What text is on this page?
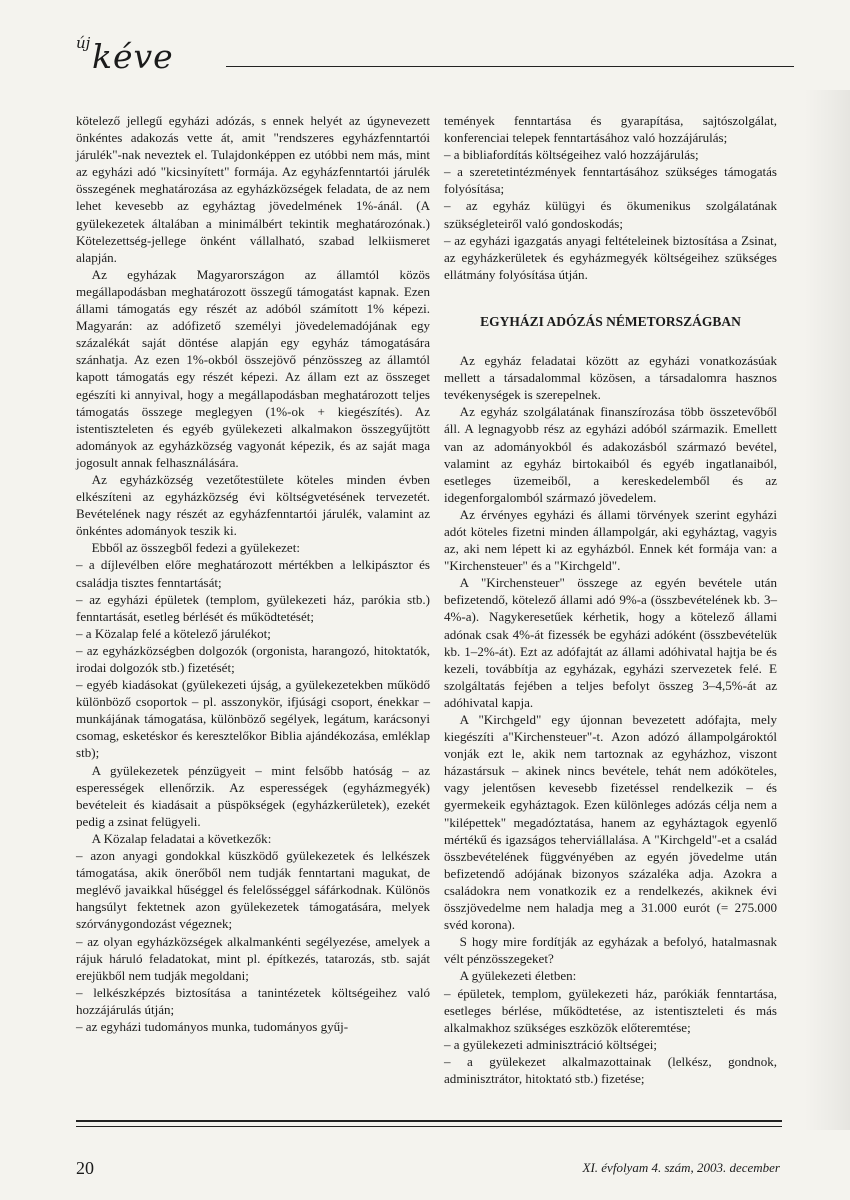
új kéve

kötelező jellegű egyházi adózás, s ennek helyét az úgynevezett önkéntes adakozás vette át, amit "rendszeres egyházfenntartói járulék"-nak neveztek el. Tulajdonképpen ez utóbbi nem más, mint az egyházi adó "kicsinyített" formája. Az egyházfenntartói járulék összegének meghatározása az egyházközségek feladata, de az nem lehet kevesebb az egyháztag jövedelmének 1%-ánál. (A gyülekezetek általában a minimálbért tekintik meghatározónak.) Kötelezettség-jellege önként vállalható, szabad lelkiismeret alapján.

Az egyházak Magyarországon az államtól közös megállapodásban meghatározott összegű támogatást kapnak. Ezen állami támogatás egy részét az adóból számított 1% képezi. Magyarán: az adófizető személyi jövedelemadójának egy százalékát saját döntése alapján egy egyház támogatására szánhatja. Az ezen 1%-okból összejövő pénzösszeg az államtól kapott támogatás egy részét képezi. Az állam ezt az összeget egészíti ki annyival, hogy a megállapodásban meghatározott teljes támogatás összege meglegyen (1%-ok + kiegészítés). Az istentiszteleten és egyéb gyülekezeti alkalmakon összegyűjtött adományok az egyházközség vagyonát képezik, és az saját maga jogosult annak felhasználására.

Az egyházközség vezetőtestülete köteles minden évben elkészíteni az egyházközség évi költségvetésének tervezetét. Bevételének nagy részét az egyházfenntartói járulék, valamint az önkéntes adományok teszik ki.

Ebből az összegből fedezi a gyülekezet:

– a díjlevélben előre meghatározott mértékben a lelkipásztor és családja tisztes fenntartását;

– az egyházi épületek (templom, gyülekezeti ház, parókia stb.) fenntartását, esetleg bérlését és működtetését;

– a Közalap felé a kötelező járulékot;

– az egyházközségben dolgozók (orgonista, harangozó, hitoktatók, irodai dolgozók stb.) fizetését;

– egyéb kiadásokat (gyülekezeti újság, a gyülekezetekben működő különböző csoportok – pl. asszonykör, ifjúsági csoport, énekkar – munkájának támogatása, különböző segélyek, legátum, karácsonyi csomag, esketéskor és keresztelőkor Biblia ajándékozása, emléklap stb);

A gyülekezetek pénzügyeit – mint felsőbb hatóság – az esperességek ellenőrzik. Az esperességek (egyházmegyék) bevételeit és kiadásait a püspökségek (egyházkerületek), ezekét pedig a zsinat felügyeli.

A Közalap feladatai a következők:

– azon anyagi gondokkal küszködő gyülekezetek és lelkészek támogatása, akik önerőből nem tudják fenntartani magukat, de meglévő javaikkal hűséggel és felelősséggel sáfárkodnak. Különös hangsúlyt fektetnek azon gyülekezetek támogatására, melyek szórványgondozást végeznek;

– az olyan egyházközségek alkalmankénti segélyezése, amelyek a rájuk háruló feladatokat, mint pl. építkezés, tatarozás, stb. saját erejükből nem tudják megoldani;

– lelkészképzés biztosítása a tanintézetek költségeihez való hozzájárulás útján;

– az egyházi tudományos munka, tudományos gyűj-

temények fenntartása és gyarapítása, sajtószolgálat, konferenciai telepek fenntartásához való hozzájárulás;

– a bibliafordítás költségeihez való hozzájárulás;

– a szeretetintézmények fenntartásához szükséges támogatás folyósítása;

– az egyház külügyi és ökumenikus szolgálatának szükségleteiről való gondoskodás;

– az egyházi igazgatás anyagi feltételeinek biztosítása a Zsinat, az egyházkerületek és egyházmegyék költségeihez szükséges ellátmány folyósítása útján.

EGYHÁZI ADÓZÁS NÉMETORSZÁGBAN

Az egyház feladatai között az egyházi vonatkozásúak mellett a társadalommal közösen, a társadalomra hasznos tevékenységek is szerepelnek.

Az egyház szolgálatának finanszírozása több összetevőből áll. A legnagyobb rész az egyházi adóból származik. Emellett van az adományokból és adakozásból származó bevétel, valamint az egyház birtokaiból és egyéb ingatlanaiból, esetleges üzemeiből, a kereskedelemből és az idegenforgalomból származó jövedelem.

Az érvényes egyházi és állami törvények szerint egyházi adót köteles fizetni minden állampolgár, aki egyháztag, vagyis az, aki nem lépett ki az egyházból. Ennek két formája van: a "Kirchensteuer" és a "Kirchgeld".

A "Kirchensteuer" összege az egyén bevétele után befizetendő, kötelező állami adó 9%-a (összbevételének kb. 3–4%-a). Nagykeresetűek kérhetik, hogy a kötelező állami adónak csak 4%-át fizessék be egyházi adóként (összbevételük kb. 1–2%-át). Ezt az adófajtát az állami adóhivatal hajtja be és kezeli, továbbítja az egyházak, egyházi szervezetek felé. E szolgáltatás fejében a teljes befolyt összeg 3–4,5%-át az adóhivatal kapja.

A "Kirchgeld" egy újonnan bevezetett adófajta, mely kiegészíti a"Kirchensteuer"-t. Azon adózó állampolgároktól vonják ezt le, akik nem tartoznak az egyházhoz, viszont házastársuk – akinek nincs bevétele, tehát nem adóköteles, vagy jelentősen kevesebb fizetéssel rendelkezik – és gyermekeik egyháztagok. Ezen különleges adózás célja nem a "kilépettek" megadóztatása, hanem az egyháztagok egyenlő mértékű és igazságos teherviállalása. A "Kirchgeld"-et a család összbevételének függvényében az egyén jövedelme után befizetendő adójának bizonyos százaléka adja. Azokra a családokra nem vonatkozik ez a rendelkezés, akiknek évi összjövedelme nem haladja meg a 31.000 eurót (= 275.000 svéd korona).

S hogy mire fordítják az egyházak a befolyó, hatalmasnak vélt pénzösszegeket?

A gyülekezeti életben:

– épületek, templom, gyülekezeti ház, parókiák fenntartása, esetleges bérlése, működtetése, az istentiszteleti és más alkalmakhoz szükséges eszközök előteremtése;

– a gyülekezeti adminisztráció költségei;

– a gyülekezet alkalmazottainak (lelkész, gondnok, adminisztrátor, hitoktató stb.) fizetése;

20	XI. évfolyam 4. szám, 2003. december
